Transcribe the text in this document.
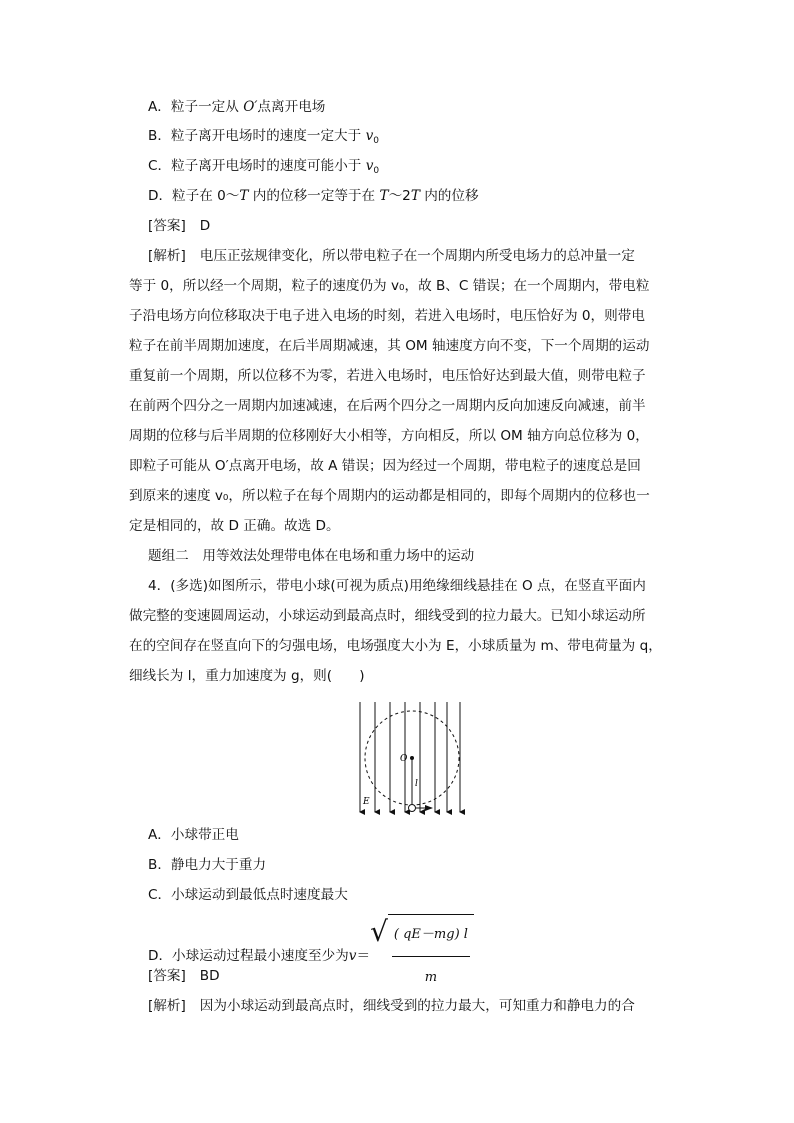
A．粒子一定从 O′点离开电场
B．粒子离开电场时的速度一定大于 $v_0$
C．粒子离开电场时的速度可能小于 $v_0$
D．粒子在 0～T 内的位移一定等于在 T～2T 内的位移
[答案] D
[解析] 电压正弦规律变化，所以带电粒子在一个周期内所受电场力的总冲量一定
等于 0，所以经一个周期，粒子的速度仍为 v₀，故 B、C 错误；在一个周期内，带电粒
子沿电场方向位移取决于电子进入电场的时刻，若进入电场时，电压恰好为 0，则带电
粒子在前半周期加速度，在后半周期减速，其 OM 轴速度方向不变，下一个周期的运动
重复前一个周期，所以位移不为零，若进入电场时，电压恰好达到最大值，则带电粒子
在前两个四分之一周期内加速减速，在后两个四分之一周期内反向加速反向减速，前半
周期的位移与后半周期的位移刚好大小相等，方向相反，所以 OM 轴方向总位移为 0，
即粒子可能从 O′点离开电场，故 A 错误；因为经过一个周期，带电粒子的速度总是回
到原来的速度 v₀，所以粒子在每个周期内的运动都是相同的，即每个周期内的位移也一
定是相同的，故 D 正确。故选 D。
题组二　用等效法处理带电体在电场和重力场中的运动
4．(多选)如图所示，带电小球(可视为质点)用绝缘细线悬挂在 O 点，在竖直平面内
做完整的变速圆周运动，小球运动到最高点时，细线受到的拉力最大。已知小球运动所
在的空间存在竖直向下的匀强电场，电场强度大小为 E，小球质量为 m、带电荷量为 q，
细线长为 l，重力加速度为 g，则(　　)
O
l
E
A．小球带正电
B．静电力大于重力
C．小球运动到最低点时速度最大
D．小球运动过程最小速度至少为 v ＝
√ $\frac{( qE-mg) l}{m}$
[答案] BD
[解析] 因为小球运动到最高点时，细线受到的拉力最大，可知重力和静电力的合
